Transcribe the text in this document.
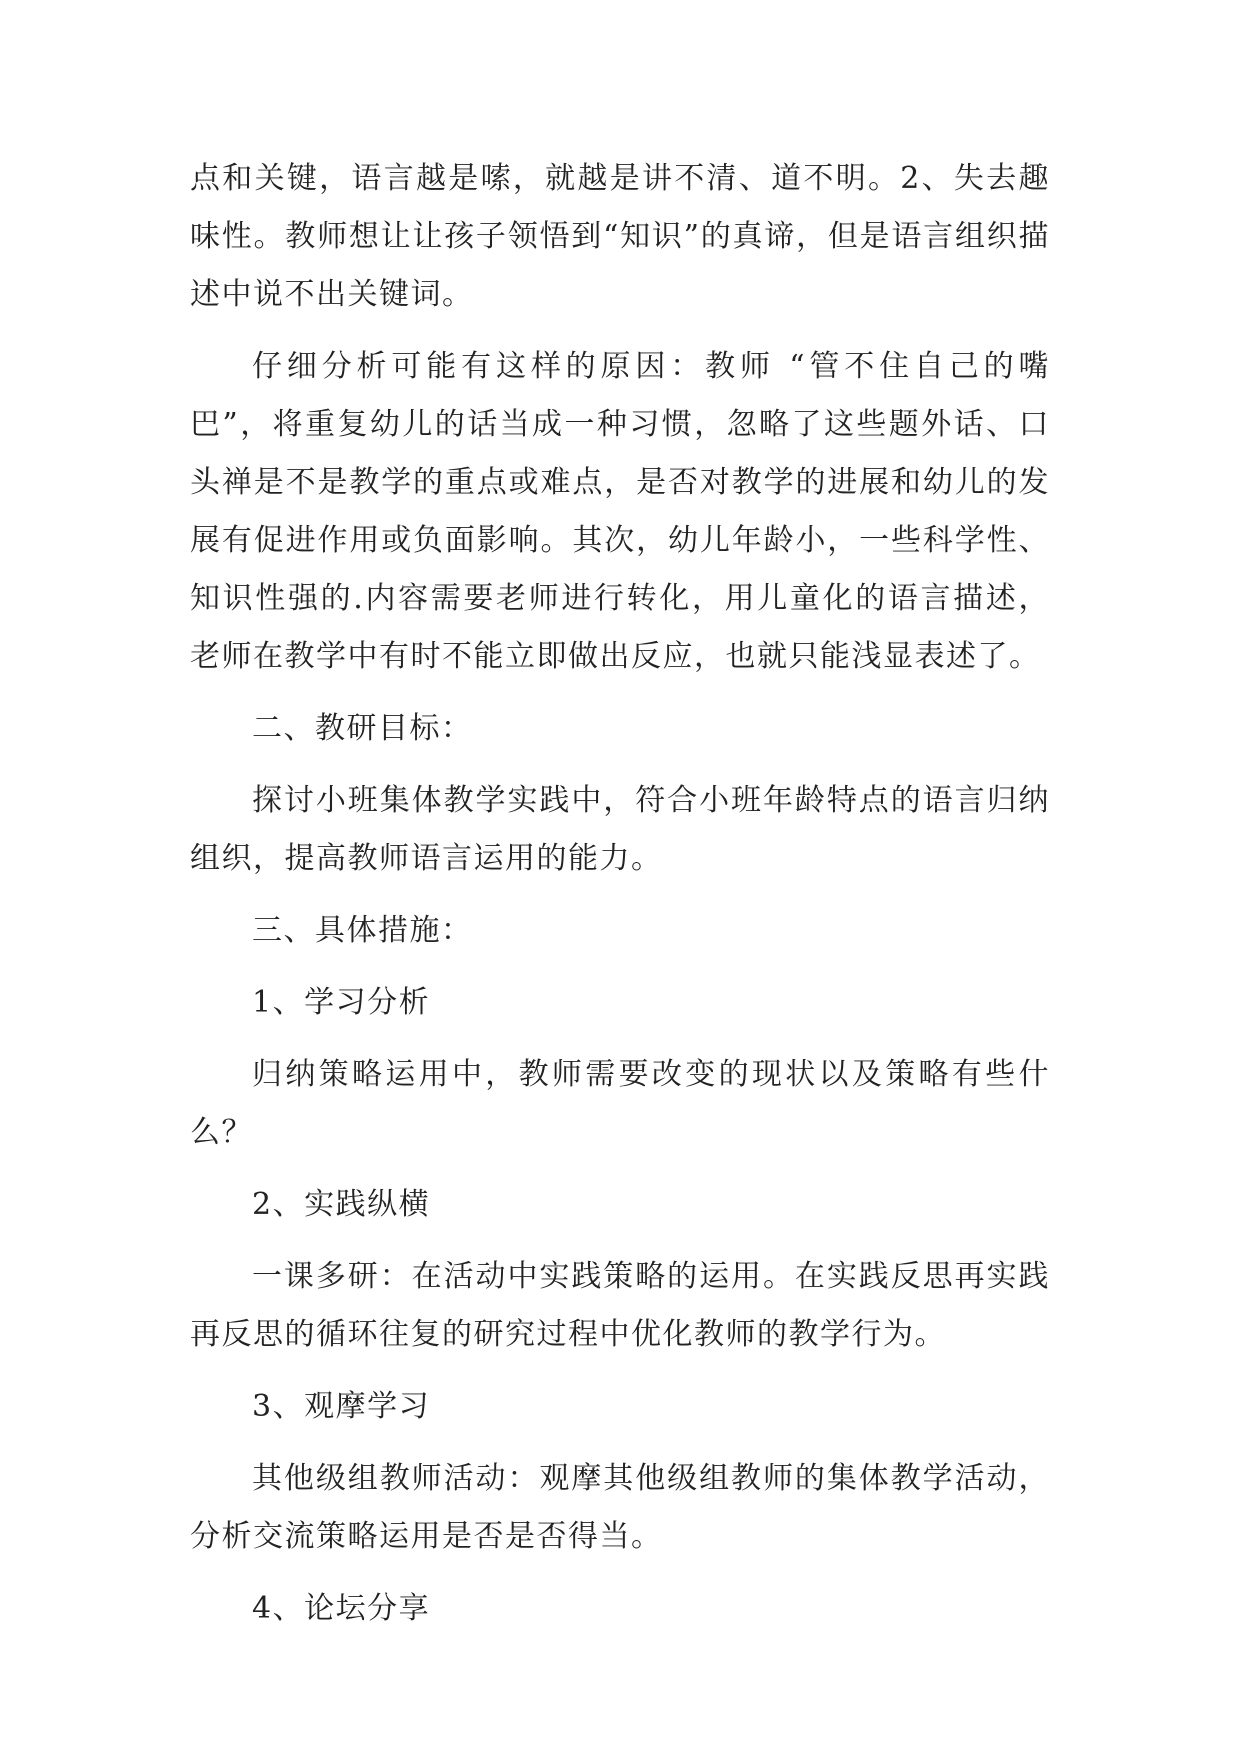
点和关键，语言越是嗦，就越是讲不清、道不明。2、失去趣味性。教师想让让孩子领悟到“知识”的真谛，但是语言组织描述中说不出关键词。

仔细分析可能有这样的原因：教师 “管不住自己的嘴巴”，将重复幼儿的话当成一种习惯，忽略了这些题外话、口头禅是不是教学的重点或难点，是否对教学的进展和幼儿的发展有促进作用或负面影响。其次，幼儿年龄小，一些科学性、知识性强的.内容需要老师进行转化，用儿童化的语言描述，老师在教学中有时不能立即做出反应，也就只能浅显表述了。

二、教研目标：

探讨小班集体教学实践中，符合小班年龄特点的语言归纳组织，提高教师语言运用的能力。

三、具体措施：

1、学习分析

归纳策略运用中，教师需要改变的现状以及策略有些什么？

2、实践纵横

一课多研：在活动中实践策略的运用。在实践反思再实践再反思的循环往复的研究过程中优化教师的教学行为。

3、观摩学习

其他级组教师活动：观摩其他级组教师的集体教学活动，分析交流策略运用是否是否得当。

4、论坛分享
